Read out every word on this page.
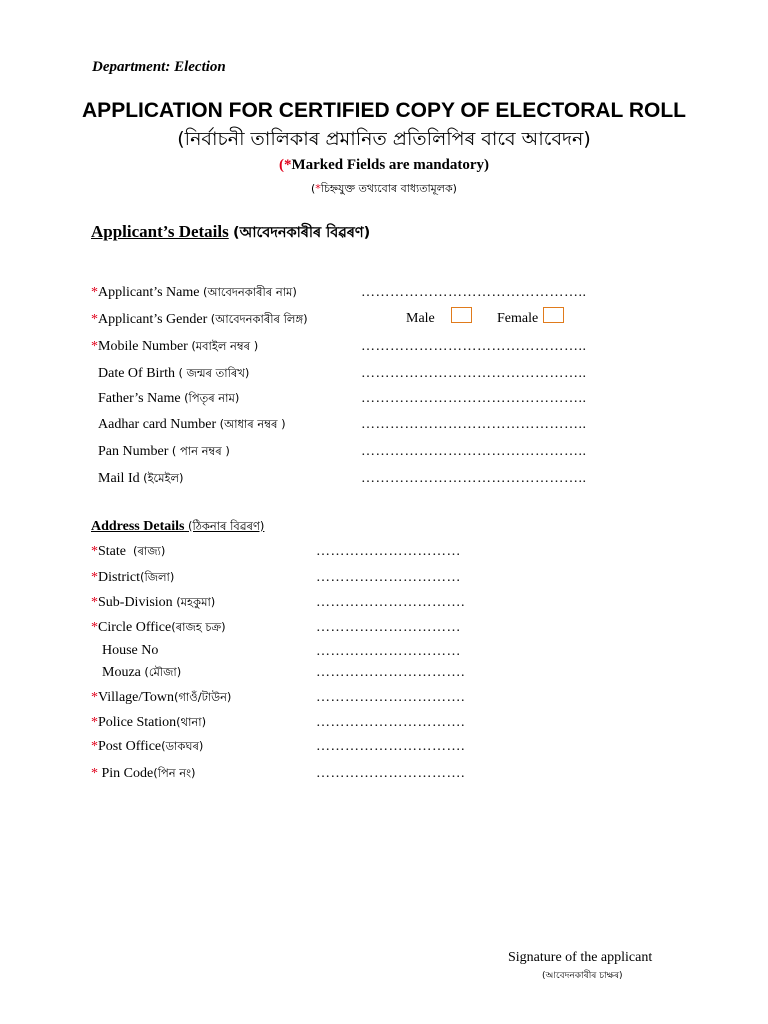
Department: Election
APPLICATION FOR CERTIFIED COPY OF ELECTORAL ROLL
(নির্বাচনী তালিকাৰ প্ৰমানিত প্ৰতিলিপিৰ বাবে আবেদন)
(*Marked Fields are mandatory)
(*চিহ্নযুক্ত তথ্যবোৰ বাধ্যতামূলক)
Applicant’s Details (আবেদনকাৰীৰ বিৱৰণ)
*Applicant’s Name (আবেদনকাৰীৰ নাম)	………………………………………..
*Applicant’s Gender (আবেদনকাৰীৰ লিঙ্গ)	Male	Female
*Mobile Number (মবাইল নম্বৰ )	………………………………………..
Date Of Birth ( জন্মৰ তাৰিখ)	………………………………………..
Father’s Name (পিতৃৰ নাম)	………………………………………..
Aadhar card Number (আধাৰ নম্বৰ )	………………………………………..
Pan Number ( পান নম্বৰ )	………………………………………..
Mail Id (ইমেইল)	………………………………………..
Address Details (ঠিকনাৰ বিৱৰণ)
*State (ৰাজ্য)	…………………………
*District(জিলা)	…………………………
*Sub-Division (মহকুমা)	………………………….
*Circle Office(ৰাজহ চক্ৰ)	…………………………
House No	…………………………
Mouza (মৌজা)	………………………….
*Village/Town(গাওঁ/টাউন)	………………………….
*Police Station(থানা)	………………………….
*Post Office(ডাকঘৰ)	………………………….
* Pin Code(পিন নং)	………………………….
Signature of the applicant
(আবেদনকাৰীৰ চাক্ষৰ)
